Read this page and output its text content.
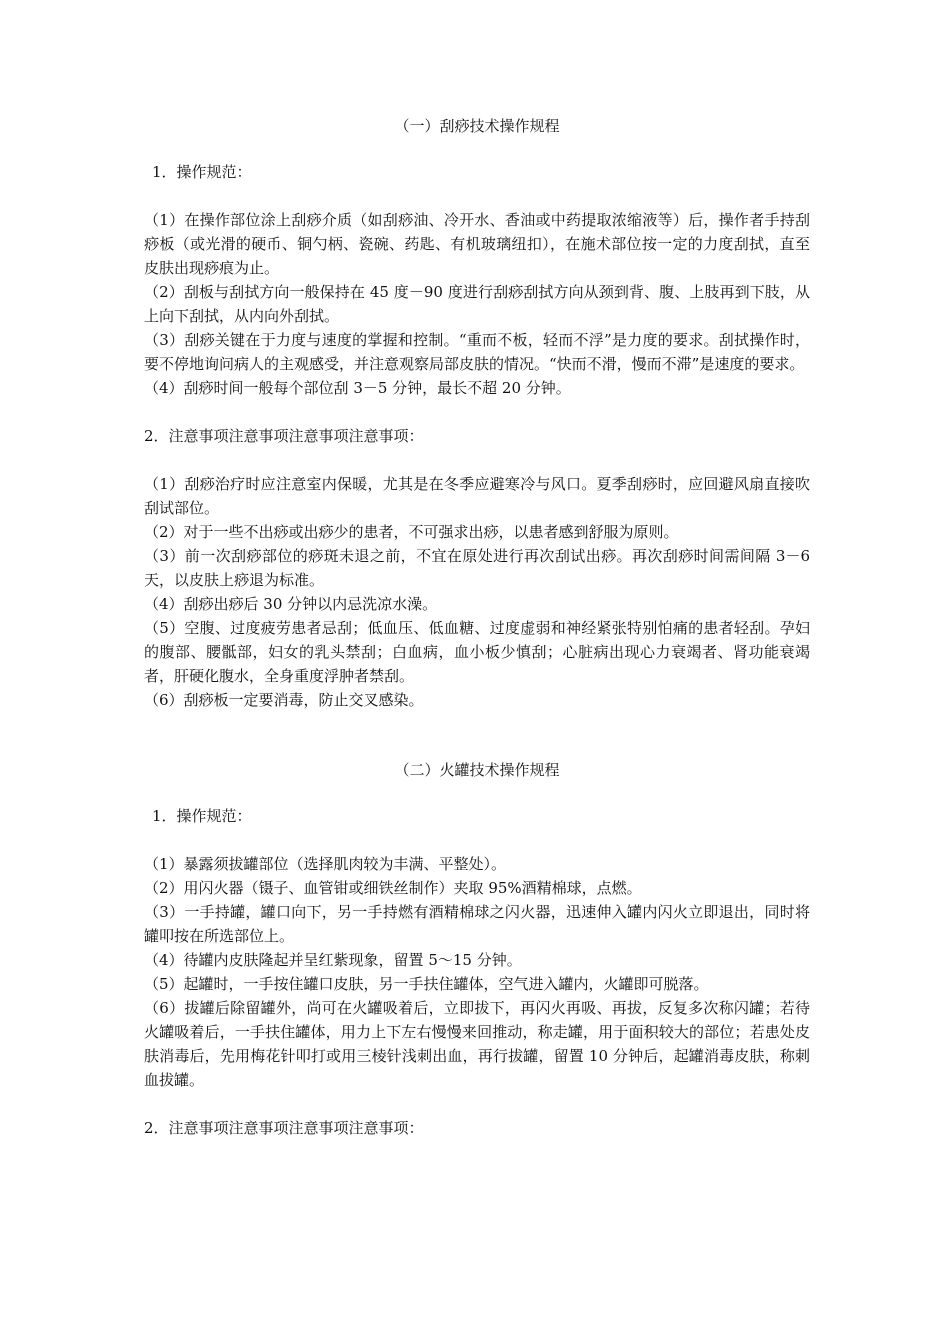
（一）刮痧技术操作规程

1．操作规范：

（1）在操作部位涂上刮痧介质（如刮痧油、冷开水、香油或中药提取浓缩液等）后，操作者手持刮痧板（或光滑的硬币、铜勺柄、瓷碗、药匙、有机玻璃纽扣），在施术部位按一定的力度刮拭，直至皮肤出现痧痕为止。

（2）刮板与刮拭方向一般保持在 45 度－90 度进行刮痧刮拭方向从颈到背、腹、上肢再到下肢，从上向下刮拭，从内向外刮拭。

（3）刮痧关键在于力度与速度的掌握和控制。“重而不板，轻而不浮”是力度的要求。刮拭操作时，要不停地询问病人的主观感受，并注意观察局部皮肤的情况。“快而不滑，慢而不滞”是速度的要求。

（4）刮痧时间一般每个部位刮 3－5 分钟，最长不超 20 分钟。

2．注意事项注意事项注意事项注意事项：

（1）刮痧治疗时应注意室内保暖，尤其是在冬季应避寒冷与风口。夏季刮痧时，应回避风扇直接吹刮试部位。

（2）对于一些不出痧或出痧少的患者，不可强求出痧，以患者感到舒服为原则。

（3）前一次刮痧部位的痧斑未退之前，不宜在原处进行再次刮试出痧。再次刮痧时间需间隔 3－6 天，以皮肤上痧退为标准。

（4）刮痧出痧后 30 分钟以内忌洗凉水澡。

（5）空腹、过度疲劳患者忌刮；低血压、低血糖、过度虚弱和神经紧张特别怕痛的患者轻刮。孕妇的腹部、腰骶部，妇女的乳头禁刮；白血病，血小板少慎刮；心脏病出现心力衰竭者、肾功能衰竭者，肝硬化腹水，全身重度浮肿者禁刮。

（6）刮痧板一定要消毒，防止交叉感染。

（二）火罐技术操作规程

1．操作规范：

（1）暴露须拔罐部位（选择肌肉较为丰满、平整处）。

（2）用闪火器（镊子、血管钳或细铁丝制作）夹取 95%酒精棉球，点燃。

（3）一手持罐，罐口向下，另一手持燃有酒精棉球之闪火器，迅速伸入罐内闪火立即退出，同时将罐叩按在所选部位上。

（4）待罐内皮肤隆起并呈红紫现象，留置 5～15 分钟。

（5）起罐时，一手按住罐口皮肤，另一手扶住罐体，空气进入罐内，火罐即可脱落。

（6）拔罐后除留罐外，尚可在火罐吸着后，立即拔下，再闪火再吸、再拔，反复多次称闪罐；若待火罐吸着后，一手扶住罐体，用力上下左右慢慢来回推动，称走罐，用于面积较大的部位；若患处皮肤消毒后，先用梅花针叩打或用三棱针浅刺出血，再行拔罐，留置 10 分钟后，起罐消毒皮肤，称刺血拔罐。

2．注意事项注意事项注意事项注意事项：
